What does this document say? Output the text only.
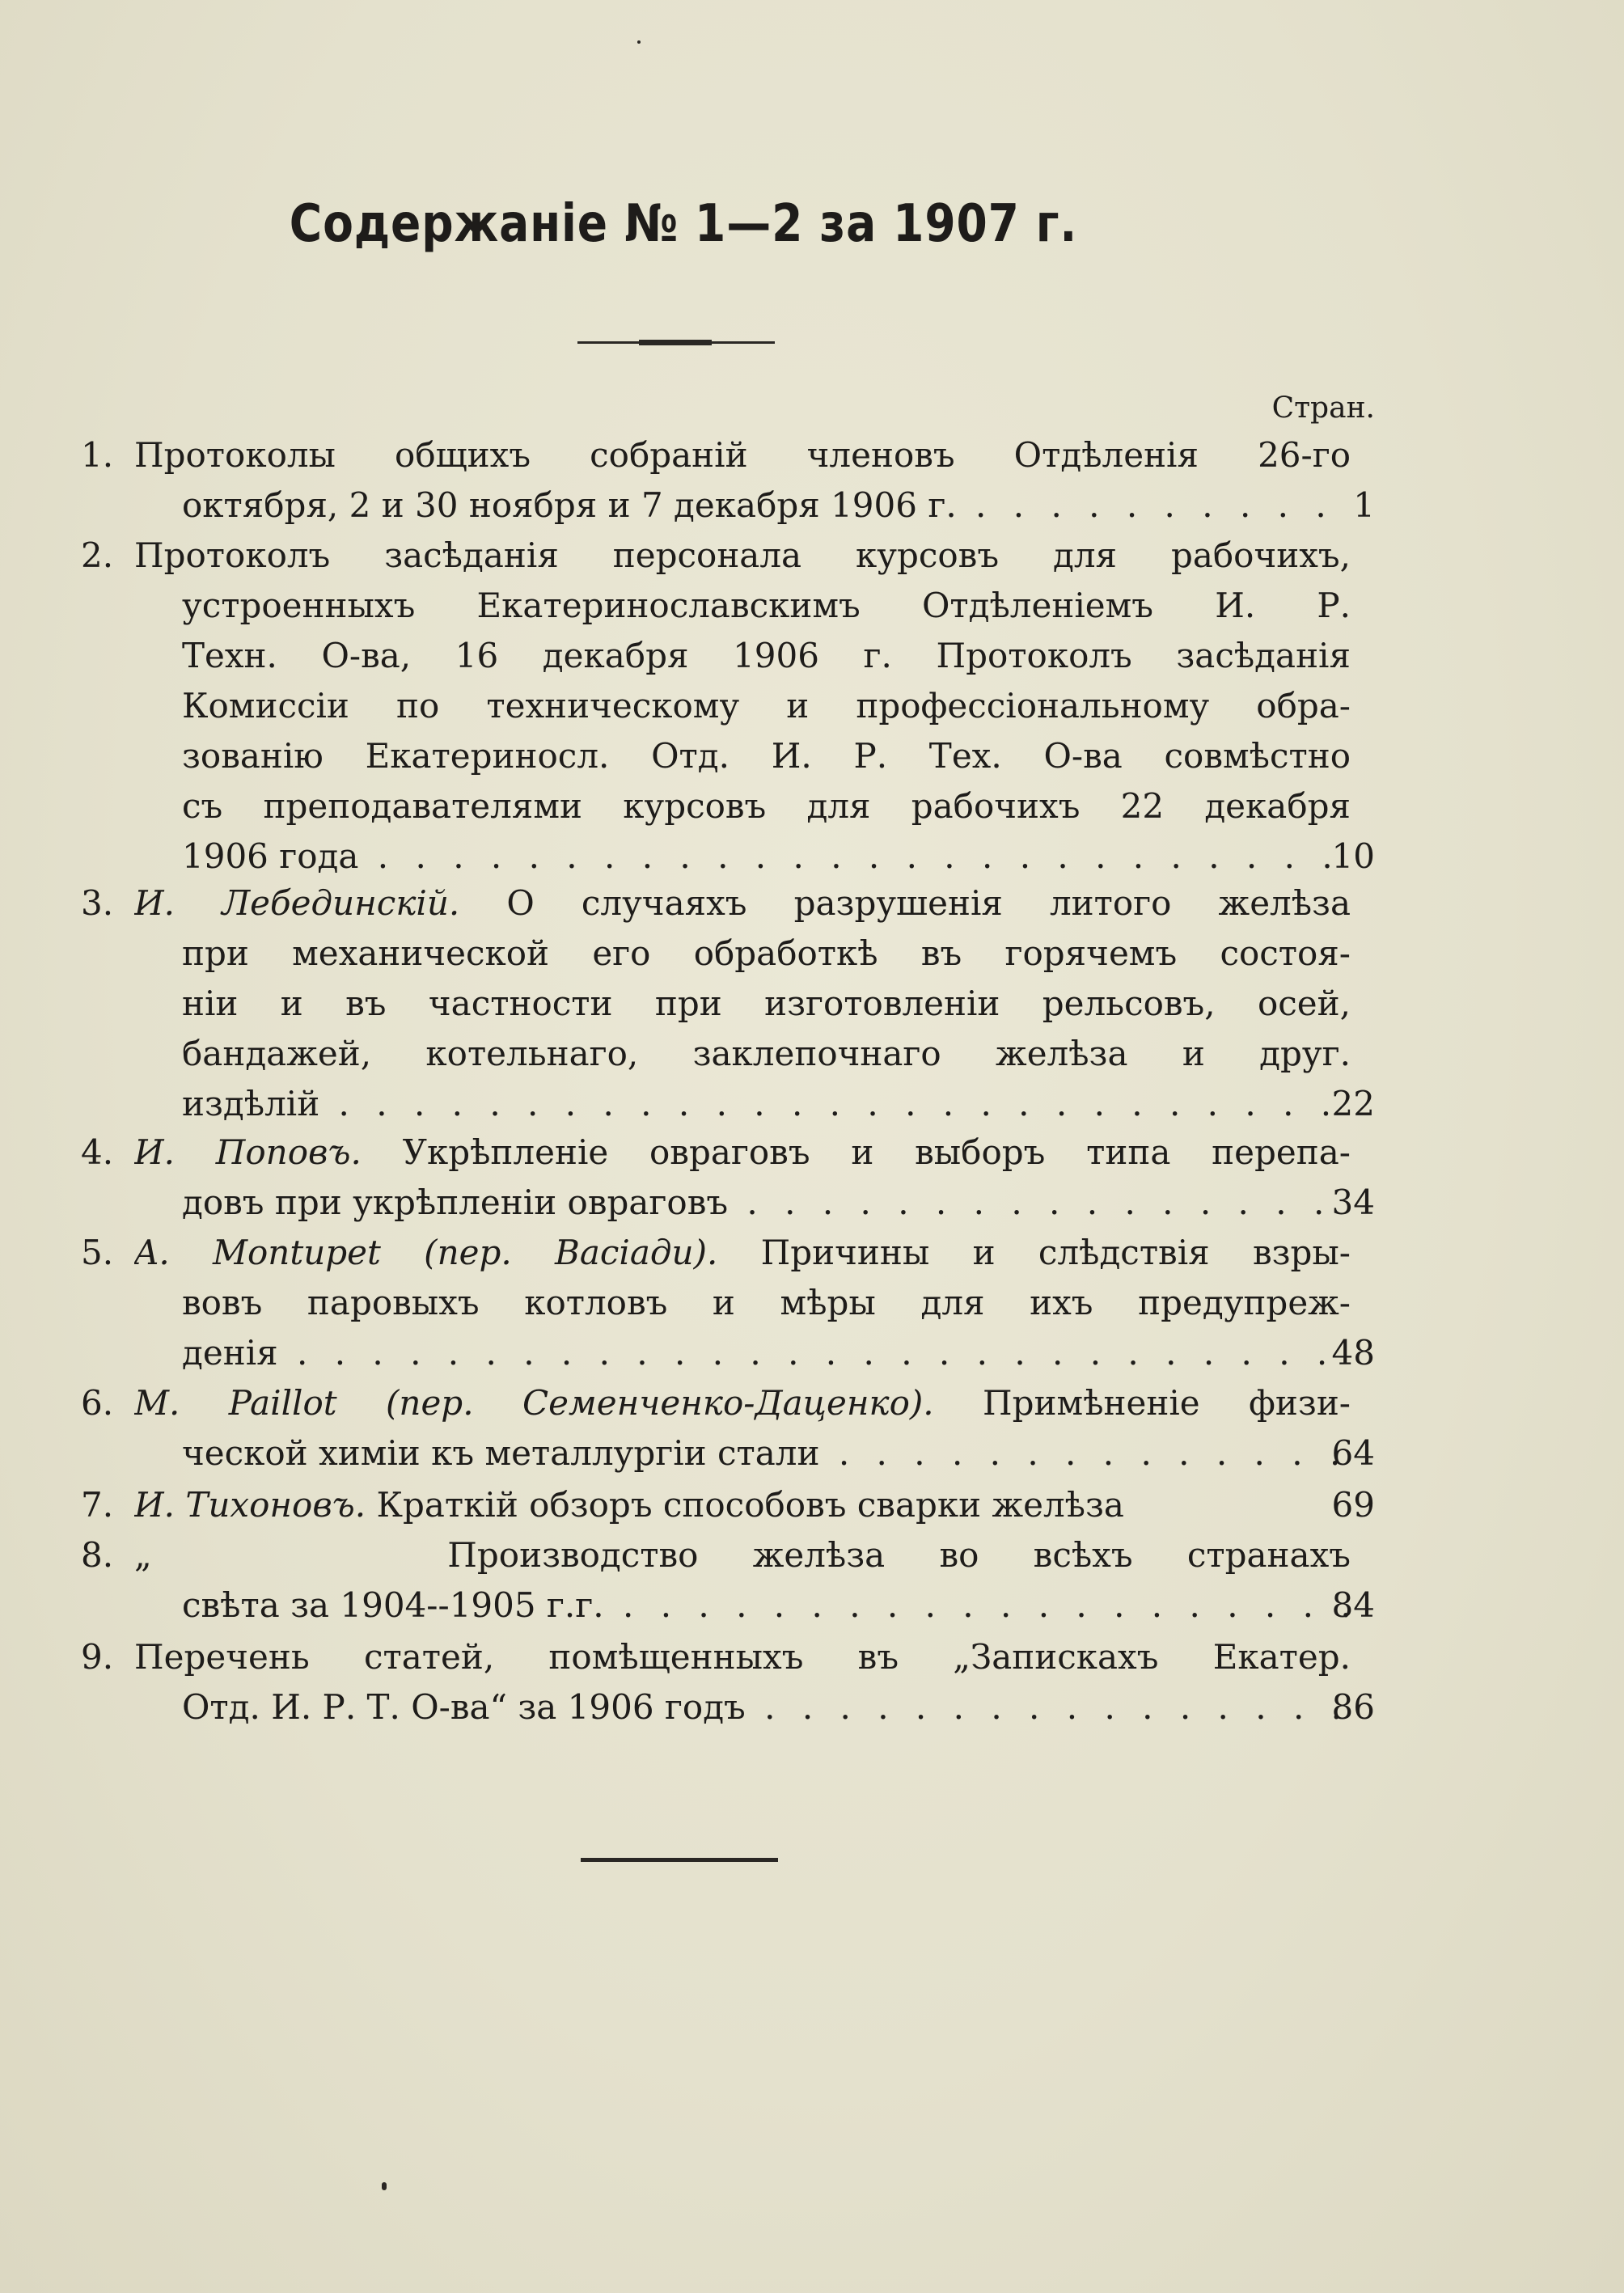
Содержаніе № 1—2 за 1907 г.
Стран.
1. Протоколы общихъ собраній членовъ Отдѣленія 26-го
октября, 2 и 30 ноября и 7 декабря 1906 г. . . .	1
2. Протоколъ засѣданія персонала курсовъ для рабочихъ,
устроенныхъ Екатеринославскимъ Отдѣленіемъ И. Р.
Техн. О-ва, 16 декабря 1906 г. Протоколъ засѣданія
Комиссіи по техническому и профессіональному обра-
зованію Екатериносл. Отд. И. Р. Тех. О-ва совмѣстно
съ преподавателями курсовъ для рабочихъ 22 декабря
1906 года . . .	10
3. И. Лебединскій. О случаяхъ разрушенія литого желѣза
при механической его обработкѣ въ горячемъ состоя-
ніи и въ частности при изготовленіи рельсовъ, осей,
бандажей, котельнаго, заклепочнаго желѣза и друг.
издѣлій . . .	22
4. И. Поповъ. Укрѣпленіе овраговъ и выборъ типа перепа-
довъ при укрѣпленіи овраговъ . . .	34
5. A. Montupet (пер. Васіади). Причины и слѣдствія взры-
вовъ паровыхъ котловъ и мѣры для ихъ предупреж-
денія . . .	48
6. M. Paillot (пер. Семенченко-Даценко). Примѣненіе физи-
ческой химіи къ металлургіи стали . . .	64
7. И. Тихоновъ. Краткій обзоръ способовъ сварки желѣза	69
8. „	Производство желѣза во всѣхъ странахъ
свѣта за 1904--1905 г.г. . . .	84
9. Перечень статей, помѣщенныхъ въ „Запискахъ Екатер.
Отд. И. Р. Т. О-ва“ за 1906 годъ . . .	86
